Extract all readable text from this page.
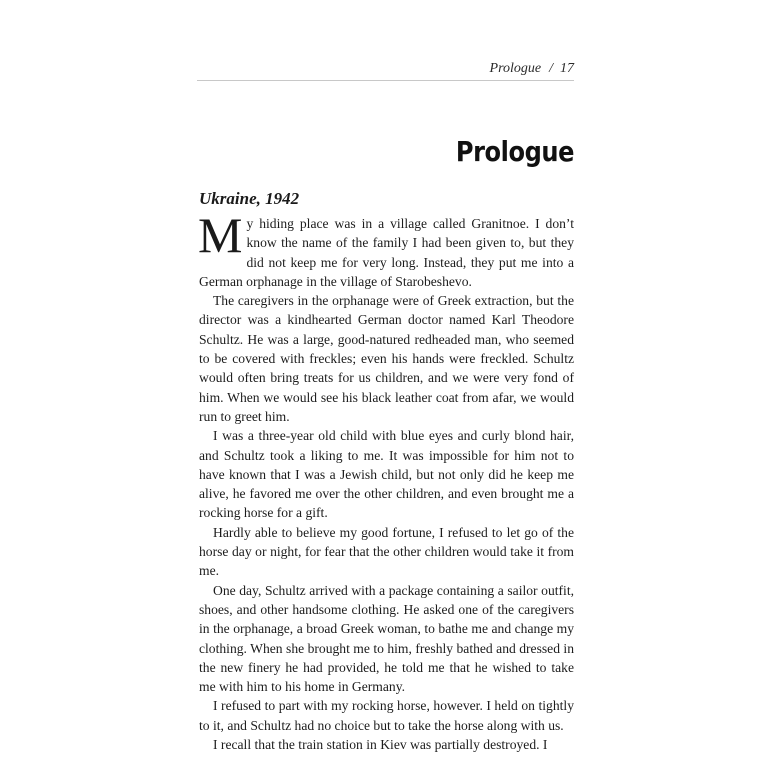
Prologue / 17
Prologue
Ukraine, 1942

My hiding place was in a village called Granitnoe. I don’t know the name of the family I had been given to, but they did not keep me for very long. Instead, they put me into a German orphanage in the village of Starobeshevo.

The caregivers in the orphanage were of Greek extraction, but the director was a kindhearted German doctor named Karl Theodore Schultz. He was a large, good-natured redheaded man, who seemed to be covered with freckles; even his hands were freckled. Schultz would often bring treats for us children, and we were very fond of him. When we would see his black leather coat from afar, we would run to greet him.

I was a three-year old child with blue eyes and curly blond hair, and Schultz took a liking to me. It was impossible for him not to have known that I was a Jewish child, but not only did he keep me alive, he favored me over the other children, and even brought me a rocking horse for a gift.

Hardly able to believe my good fortune, I refused to let go of the horse day or night, for fear that the other children would take it from me.

One day, Schultz arrived with a package containing a sailor outfit, shoes, and other handsome clothing. He asked one of the caregivers in the orphanage, a broad Greek woman, to bathe me and change my clothing. When she brought me to him, freshly bathed and dressed in the new finery he had provided, he told me that he wished to take me with him to his home in Germany.

I refused to part with my rocking horse, however. I held on tightly to it, and Schultz had no choice but to take the horse along with us.

I recall that the train station in Kiev was partially destroyed. I
